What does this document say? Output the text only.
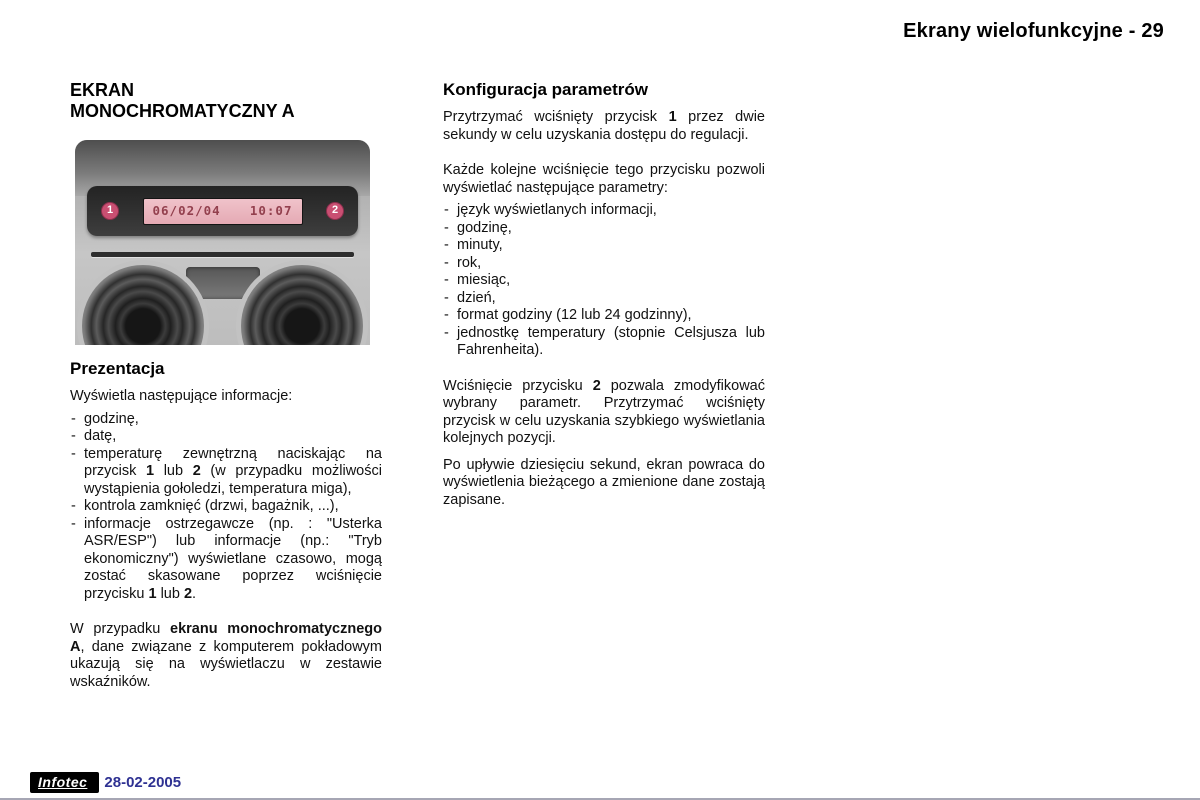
Ekrany wielofunkcyjne - 29
EKRAN
MONOCHROMATYCZNY A
1	06/02/04 10:07	2
Prezentacja

Wyświetla następujące informacje:

- godzinę,
- datę,
- temperaturę zewnętrzną naciskając na przycisk 1 lub 2 (w przypadku możliwości wystąpienia gołoledzi, temperatura miga),
- kontrola zamknięć (drzwi, bagażnik, ...),
- informacje ostrzegawcze (np. : "Usterka ASR/ESP") lub informacje (np.: "Tryb ekonomiczny") wyświetlane czasowo, mogą zostać skasowane poprzez wciśnięcie przycisku 1 lub 2.

W przypadku ekranu monochromatycznego A, dane związane z komputerem pokładowym ukazują się na wyświetlaczu w zestawie wskaźników.

Konfiguracja parametrów

Przytrzymać wciśnięty przycisk 1 przez dwie sekundy w celu uzyskania dostępu do regulacji.

Każde kolejne wciśnięcie tego przycisku pozwoli wyświetlać następujące parametry:

- język wyświetlanych informacji,
- godzinę,
- minuty,
- rok,
- miesiąc,
- dzień,
- format godziny (12 lub 24 godzinny),
- jednostkę temperatury (stopnie Celsjusza lub Fahrenheita).

Wciśnięcie przycisku 2 pozwala zmodyfikować wybrany parametr. Przytrzymać wciśnięty przycisk w celu uzyskania szybkiego wyświetlania kolejnych pozycji.

Po upływie dziesięciu sekund, ekran powraca do wyświetlenia bieżącego a zmienione dane zostają zapisane.

Infotec	28-02-2005
